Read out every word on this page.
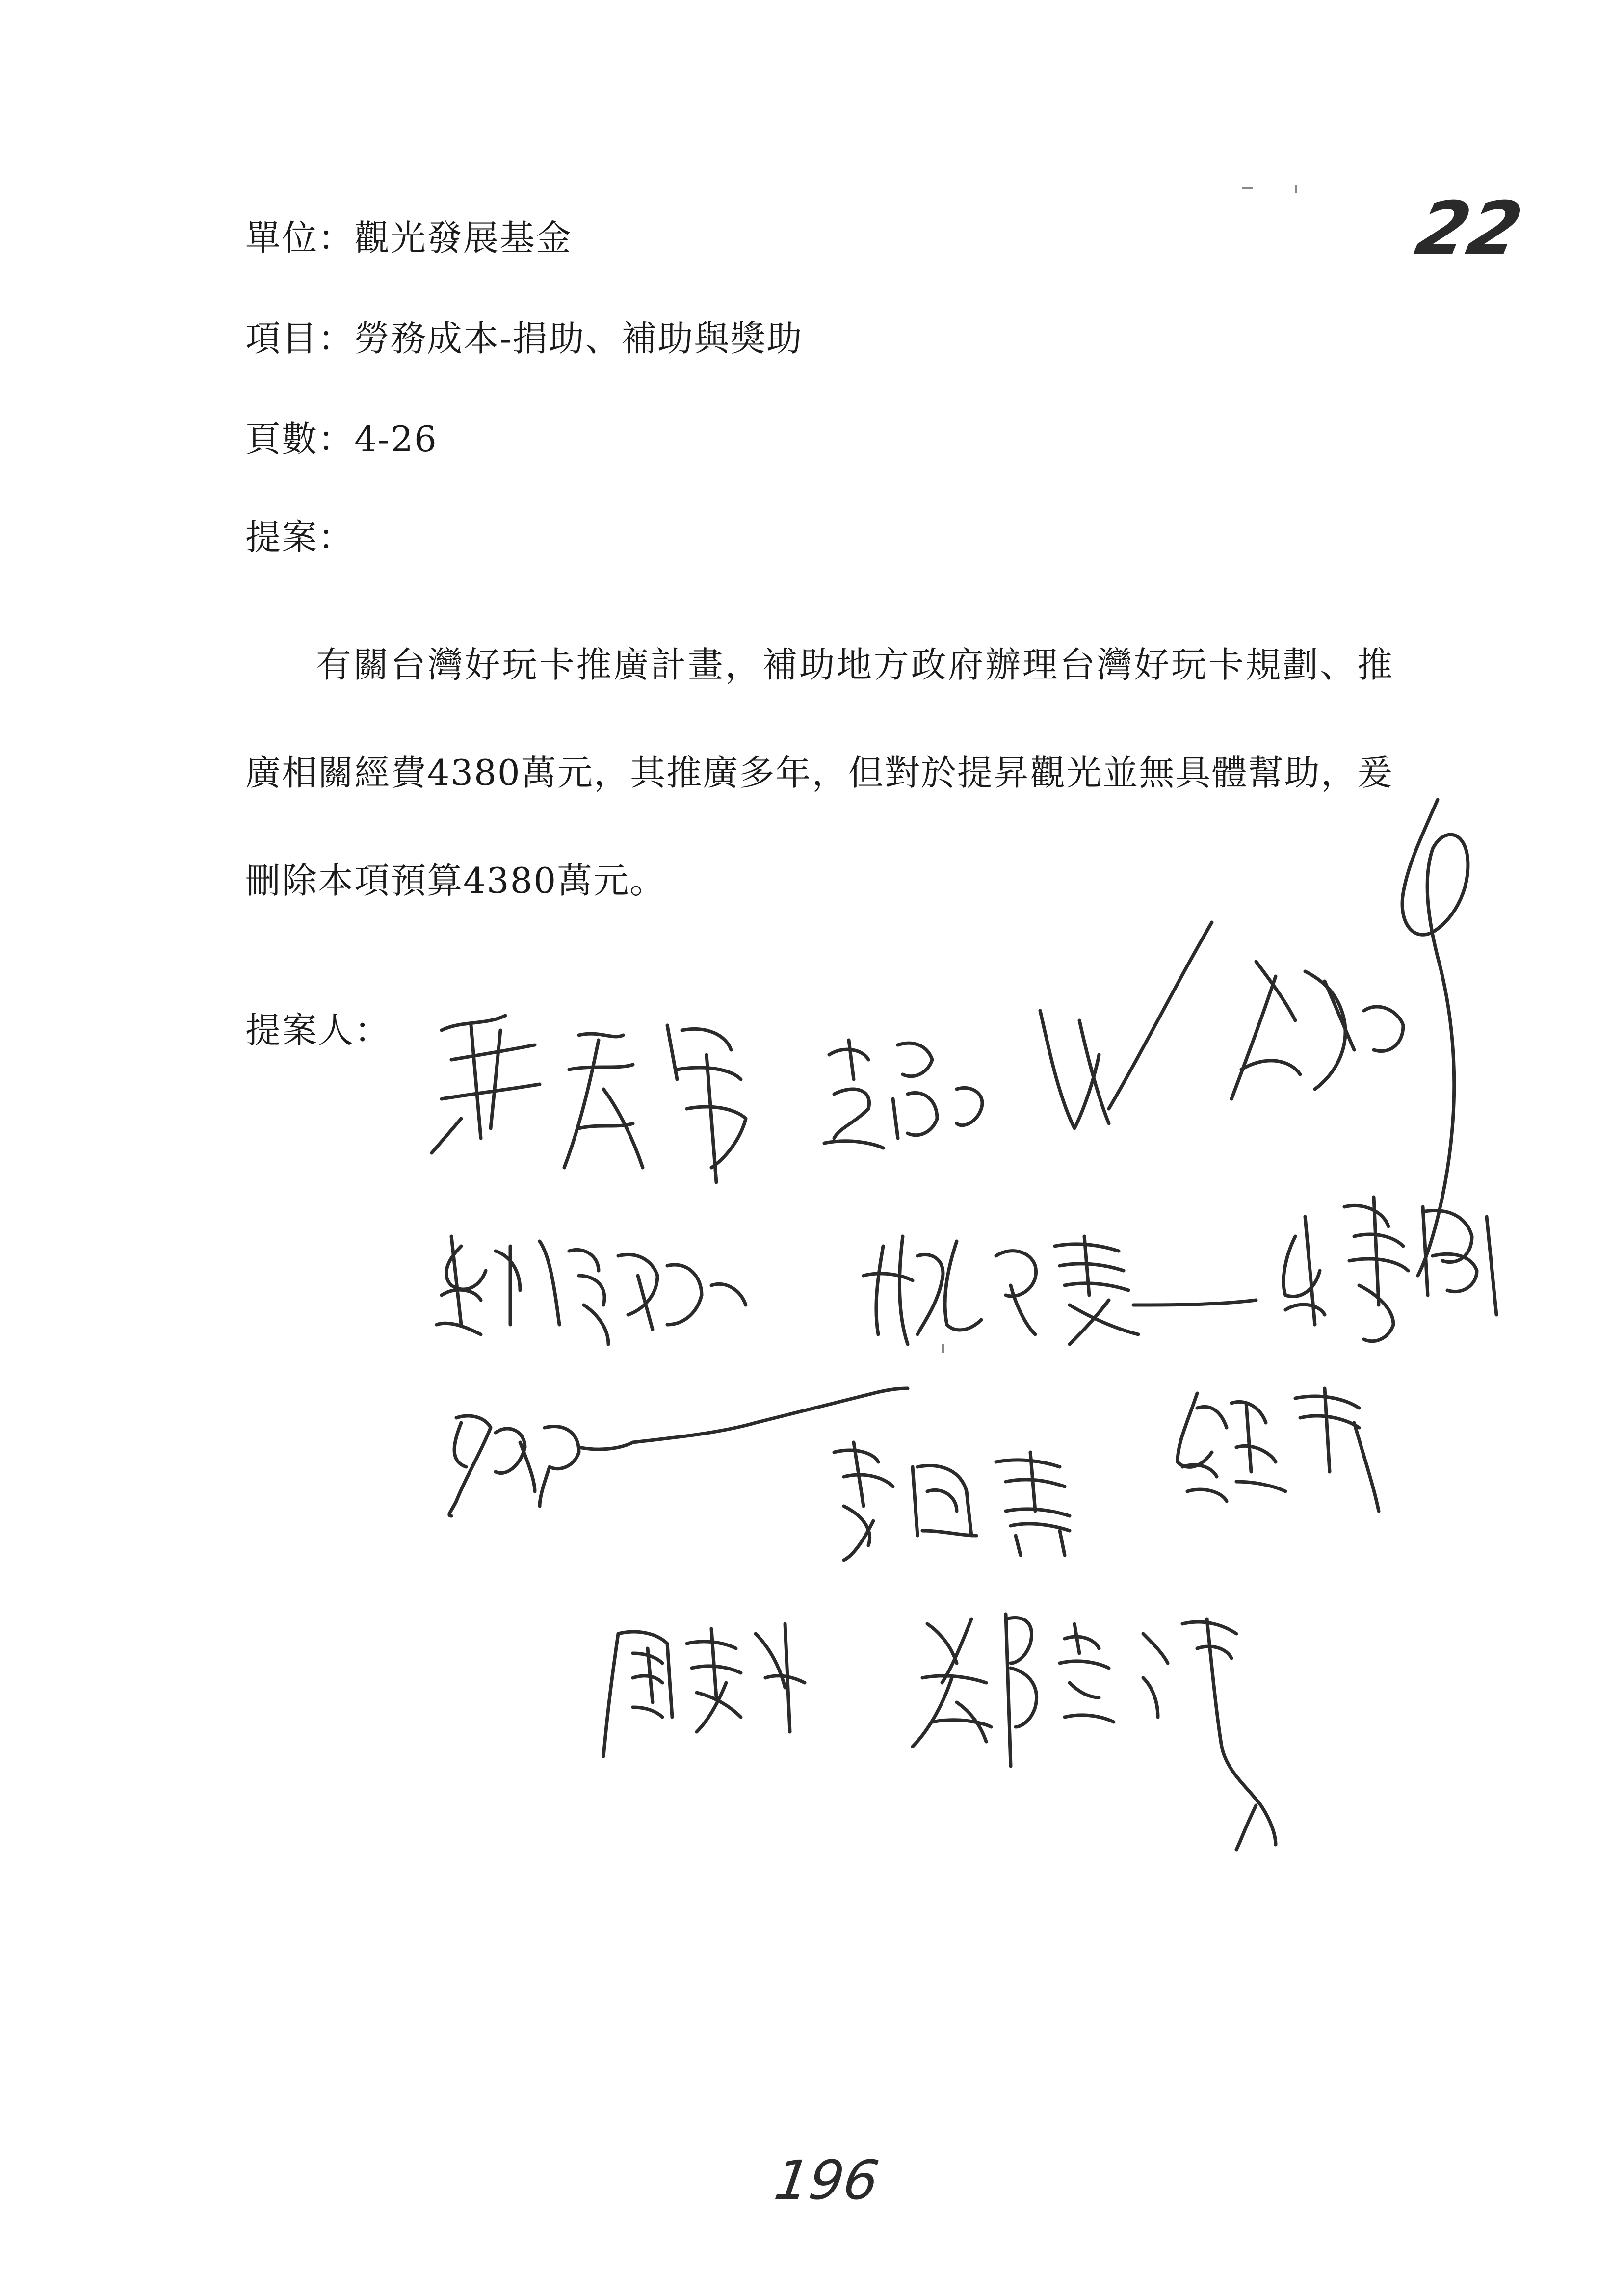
22
單位：觀光發展基金
項目：勞務成本-捐助、補助與獎助
頁數：4-26
提案：
有關台灣好玩卡推廣計畫，補助地方政府辦理台灣好玩卡規劃、推廣相關經費4380萬元，其推廣多年，但對於提昇觀光並無具體幫助，爰刪除本項預算4380萬元。
提案人：
196
